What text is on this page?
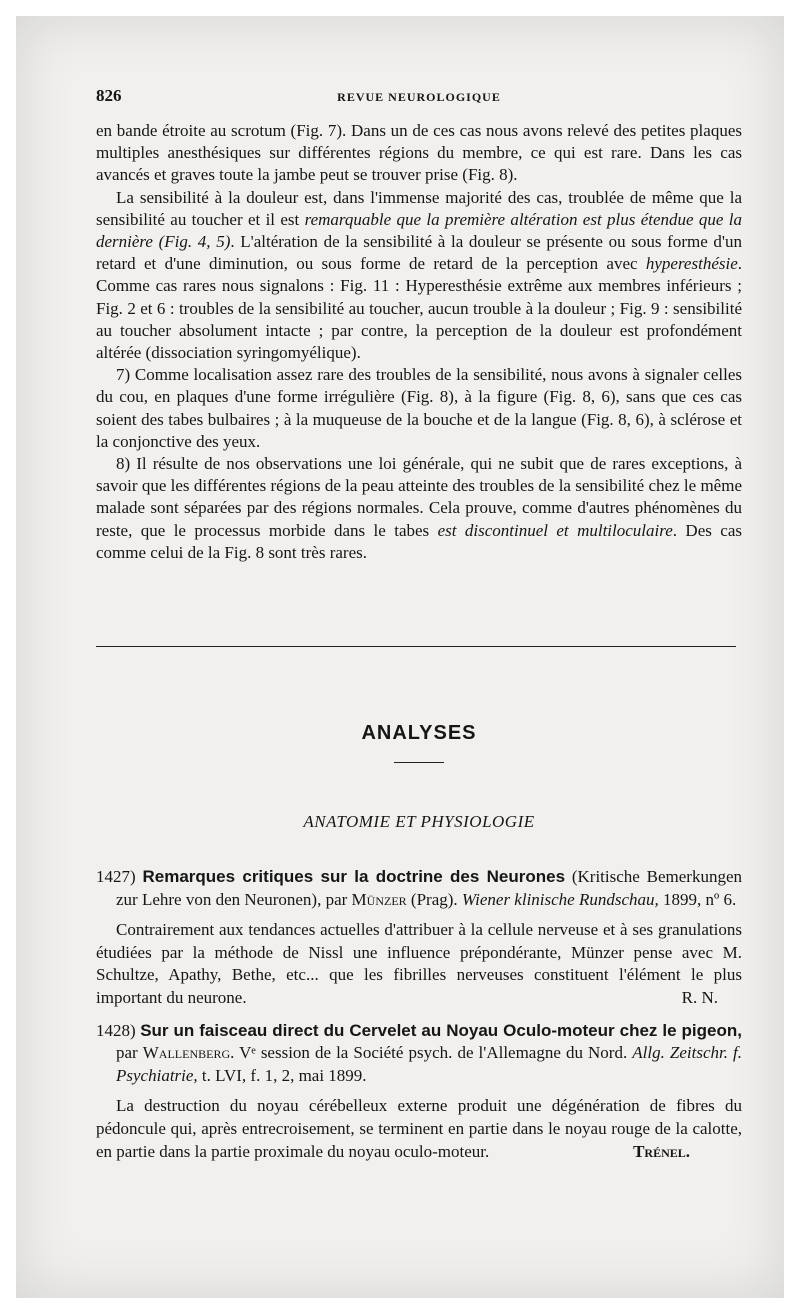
826	REVUE NEUROLOGIQUE

en bande étroite au scrotum (Fig. 7). Dans un de ces cas nous avons relevé des petites plaques multiples anesthésiques sur différentes régions du membre, ce qui est rare. Dans les cas avancés et graves toute la jambe peut se trouver prise (Fig. 8).

La sensibilité à la douleur est, dans l'immense majorité des cas, troublée de même que la sensibilité au toucher et il est remarquable que la première altération est plus étendue que la dernière (Fig. 4, 5). L'altération de la sensibilité à la douleur se présente ou sous forme d'un retard et d'une diminution, ou sous forme de retard de la perception avec hyperesthésie. Comme cas rares nous signalons : Fig. 11 : Hyperesthésie extrême aux membres inférieurs ; Fig. 2 et 6 : troubles de la sensibilité au toucher, aucun trouble à la douleur ; Fig. 9 : sensibilité au toucher absolument intacte ; par contre, la perception de la douleur est profondément altérée (dissociation syringomyélique).

7) Comme localisation assez rare des troubles de la sensibilité, nous avons à signaler celles du cou, en plaques d'une forme irrégulière (Fig. 8), à la figure (Fig. 8, 6), sans que ces cas soient des tabes bulbaires ; à la muqueuse de la bouche et de la langue (Fig. 8, 6), à sclérose et la conjonctive des yeux.

8) Il résulte de nos observations une loi générale, qui ne subit que de rares exceptions, à savoir que les différentes régions de la peau atteinte des troubles de la sensibilité chez le même malade sont séparées par des régions normales. Cela prouve, comme d'autres phénomènes du reste, que le processus morbide dans le tabes est discontinuel et multiloculaire. Des cas comme celui de la Fig. 8 sont très rares.

ANALYSES
ANATOMIE ET PHYSIOLOGIE

1427) Remarques critiques sur la doctrine des Neurones (Kritische Bemerkungen zur Lehre von den Neuronen), par Münzer (Prag). Wiener klinische Rundschau, 1899, nº 6.

Contrairement aux tendances actuelles d'attribuer à la cellule nerveuse et à ses granulations étudiées par la méthode de Nissl une influence prépondérante, Münzer pense avec M. Schultze, Apathy, Bethe, etc... que les fibrilles nerveuses constituent l'élément le plus important du neurone.	R. N.

1428) Sur un faisceau direct du Cervelet au Noyau Oculo-moteur chez le pigeon, par Wallenberg. Vᵉ session de la Société psych. de l'Allemagne du Nord. Allg. Zeitschr. f. Psychiatrie, t. LVI, f. 1, 2, mai 1899.

La destruction du noyau cérébelleux externe produit une dégénération de fibres du pédoncule qui, après entrecroisement, se terminent en partie dans le noyau rouge de la calotte, en partie dans la partie proximale du noyau oculo-moteur.	Trénel.
